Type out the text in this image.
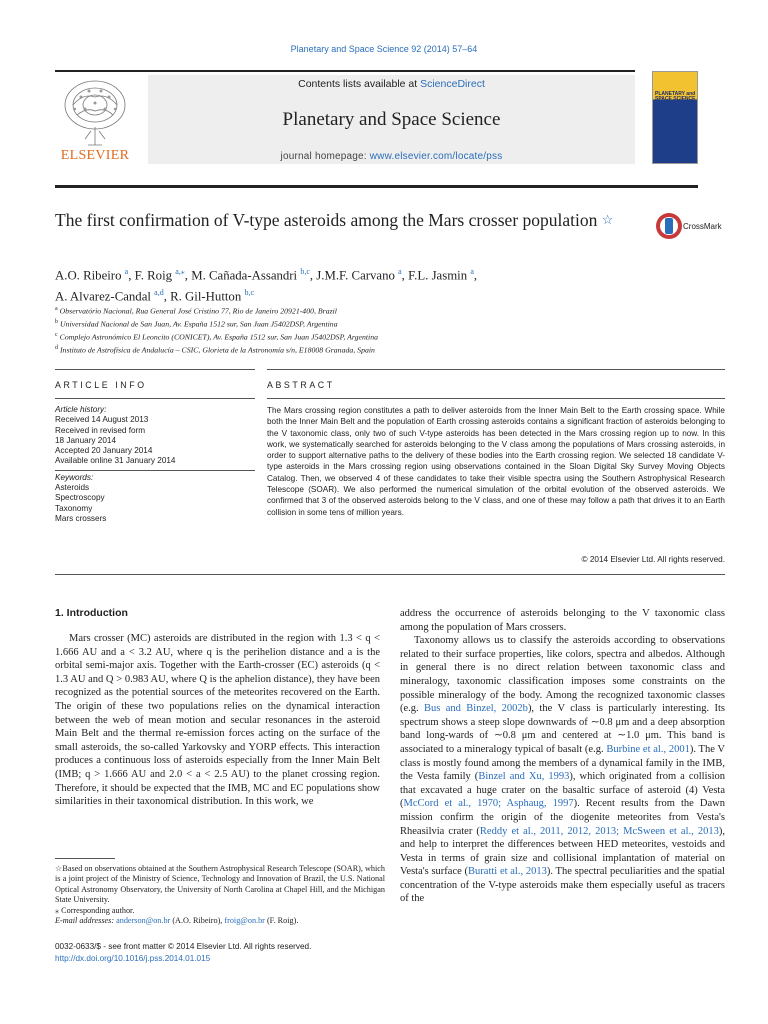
Planetary and Space Science 92 (2014) 57–64
ELSEVIER
Contents lists available at ScienceDirect
Planetary and Space Science
journal homepage: www.elsevier.com/locate/pss
PLANETARY and SPACE SCIENCE
The first confirmation of V-type asteroids among the Mars crosser population ☆	CrossMark
A.O. Ribeiro $^a$, F. Roig $^{a,⁎}$, M. Cañada-Assandri $^{b,c}$, J.M.F. Carvano $^a$, F.L. Jasmin $^a$,
A. Alvarez-Candal $^{a,d}$, R. Gil-Hutton $^{b,c}$
$^a$ Observatório Nacional, Rua General José Cristino 77, Rio de Janeiro 20921-400, Brazil
$^b$ Universidad Nacional de San Juan, Av. España 1512 sur, San Juan J5402DSP, Argentina
$^c$ Complejo Astronómico El Leoncito (CONICET), Av. España 1512 sur, San Juan J5402DSP, Argentina
$^d$ Instituto de Astrofísica de Andalucía – CSIC, Glorieta de la Astronomía s/n, E18008 Granada, Spain
ARTICLE INFO	ABSTRACT
Article history:
Received 14 August 2013
Received in revised form
18 January 2014
Accepted 20 January 2014
Available online 31 January 2014
Keywords:
Asteroids
Spectroscopy
Taxonomy
Mars crossers
The Mars crossing region constitutes a path to deliver asteroids from the Inner Main Belt to the Earth crossing space. While both the Inner Main Belt and the population of Earth crossing asteroids contains a significant fraction of asteroids belonging to the V taxonomic class, only two of such V-type asteroids has been detected in the Mars crossing region up to now. In this work, we systematically searched for asteroids belonging to the V class among the populations of Mars crossing asteroids, in order to support alternative paths to the delivery of these bodies into the Earth crossing region. We selected 18 candidate V-type asteroids in the Mars crossing region using observations contained in the Sloan Digital Sky Survey Moving Objects Catalog. Then, we observed 4 of these candidates to take their visible spectra using the Southern Astrophysical Research Telescope (SOAR). We also performed the numerical simulation of the orbital evolution of the observed asteroids. We confirmed that 3 of the observed asteroids belong to the V class, and one of these may follow a path that drives it to an Earth collision in some tens of million years.
© 2014 Elsevier Ltd. All rights reserved.
1. Introduction

Mars crosser (MC) asteroids are distributed in the region with 1.3 < q < 1.666 AU and a < 3.2 AU, where q is the perihelion distance and a is the orbital semi-major axis. Together with the Earth-crosser (EC) asteroids (q < 1.3 AU and Q > 0.983 AU, where Q is the aphelion distance), they have been recognized as the potential sources of the meteorites recovered on the Earth. The origin of these two populations relies on the dynamical interaction between the web of mean motion and secular resonances in the asteroid Main Belt and the thermal re-emission forces acting on the surface of the small asteroids, the so-called Yarkovsky and YORP effects. This interaction produces a continuous loss of asteroids especially from the Inner Main Belt (IMB; q > 1.666 AU and 2.0 < a < 2.5 AU) to the planet crossing region. Therefore, it should be expected that the IMB, MC and EC populations show similarities in their taxonomical distribution. In this work, we

address the occurrence of asteroids belonging to the V taxonomic class among the population of Mars crossers.

Taxonomy allows us to classify the asteroids according to observations related to their surface properties, like colors, spectra and albedos. Although in general there is no direct relation between taxonomic class and mineralogy, taxonomic classification imposes some constraints on the possible mineralogy of the body. Among the recognized taxonomic classes (e.g. Bus and Binzel, 2002b), the V class is particularly interesting. Its spectrum shows a steep slope downwards of ∼0.8 μm and a deep absorption band long-wards of ∼0.8 μm and centered at ∼1.0 μm. This band is associated to a mineralogy typical of basalt (e.g. Burbine et al., 2001). The V class is mostly found among the members of a dynamical family in the IMB, the Vesta family (Binzel and Xu, 1993), which originated from a collision that excavated a huge crater on the basaltic surface of asteroid (4) Vesta (McCord et al., 1970; Asphaug, 1997). Recent results from the Dawn mission confirm the origin of the diogenite meteorites from Vesta's Rheasilvia crater (Reddy et al., 2011, 2012, 2013; McSween et al., 2013), and help to interpret the differences between HED meteorites, vestoids and Vesta in terms of grain size and collisional implantation of material on Vesta's surface (Buratti et al., 2013). The spectral peculiarities and the spatial concentration of the V-type asteroids make them especially useful as tracers of the

☆Based on observations obtained at the Southern Astrophysical Research Telescope (SOAR), which is a joint project of the Ministry of Science, Technology and Innovation of Brazil, the U.S. National Optical Astronomy Observatory, the University of North Carolina at Chapel Hill, and the Michigan State University.

⁎ Corresponding author.

E-mail addresses: anderson@on.br (A.O. Ribeiro), froig@on.br (F. Roig).

0032-0633/$ - see front matter © 2014 Elsevier Ltd. All rights reserved.
http://dx.doi.org/10.1016/j.pss.2014.01.015
